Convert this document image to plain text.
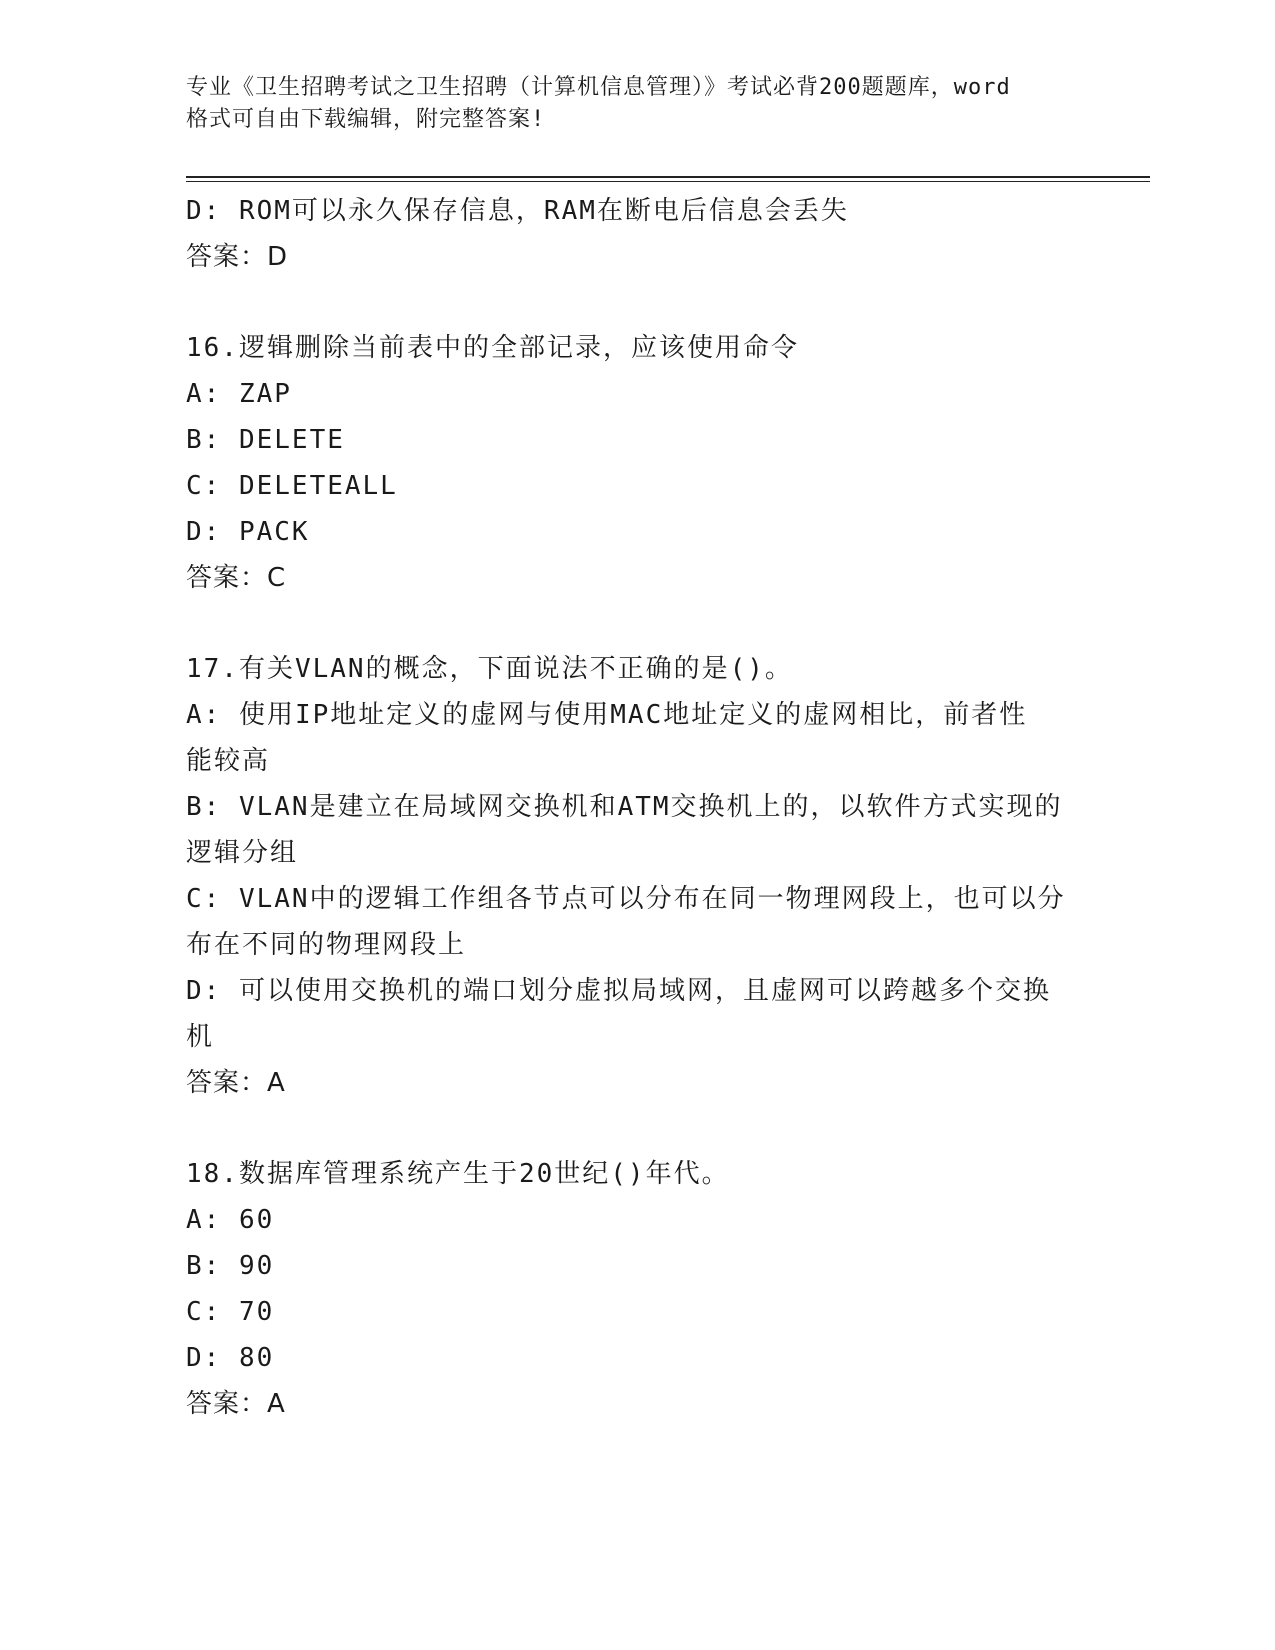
专业《卫生招聘考试之卫生招聘（计算机信息管理）》考试必背200题题库，word
格式可自由下载编辑，附完整答案!
D: ROM可以永久保存信息，RAM在断电后信息会丢失
答案：D
16.逻辑删除当前表中的全部记录，应该使用命令
A: ZAP
B: DELETE
C: DELETEALL
D: PACK
答案：C
17.有关VLAN的概念，下面说法不正确的是()。
A: 使用IP地址定义的虚网与使用MAC地址定义的虚网相比，前者性
能较高
B: VLAN是建立在局域网交换机和ATM交换机上的，以软件方式实现的
逻辑分组
C: VLAN中的逻辑工作组各节点可以分布在同一物理网段上，也可以分
布在不同的物理网段上
D: 可以使用交换机的端口划分虚拟局域网，且虚网可以跨越多个交换
机
答案：A
18.数据库管理系统产生于20世纪()年代。
A: 60
B: 90
C: 70
D: 80
答案：A
